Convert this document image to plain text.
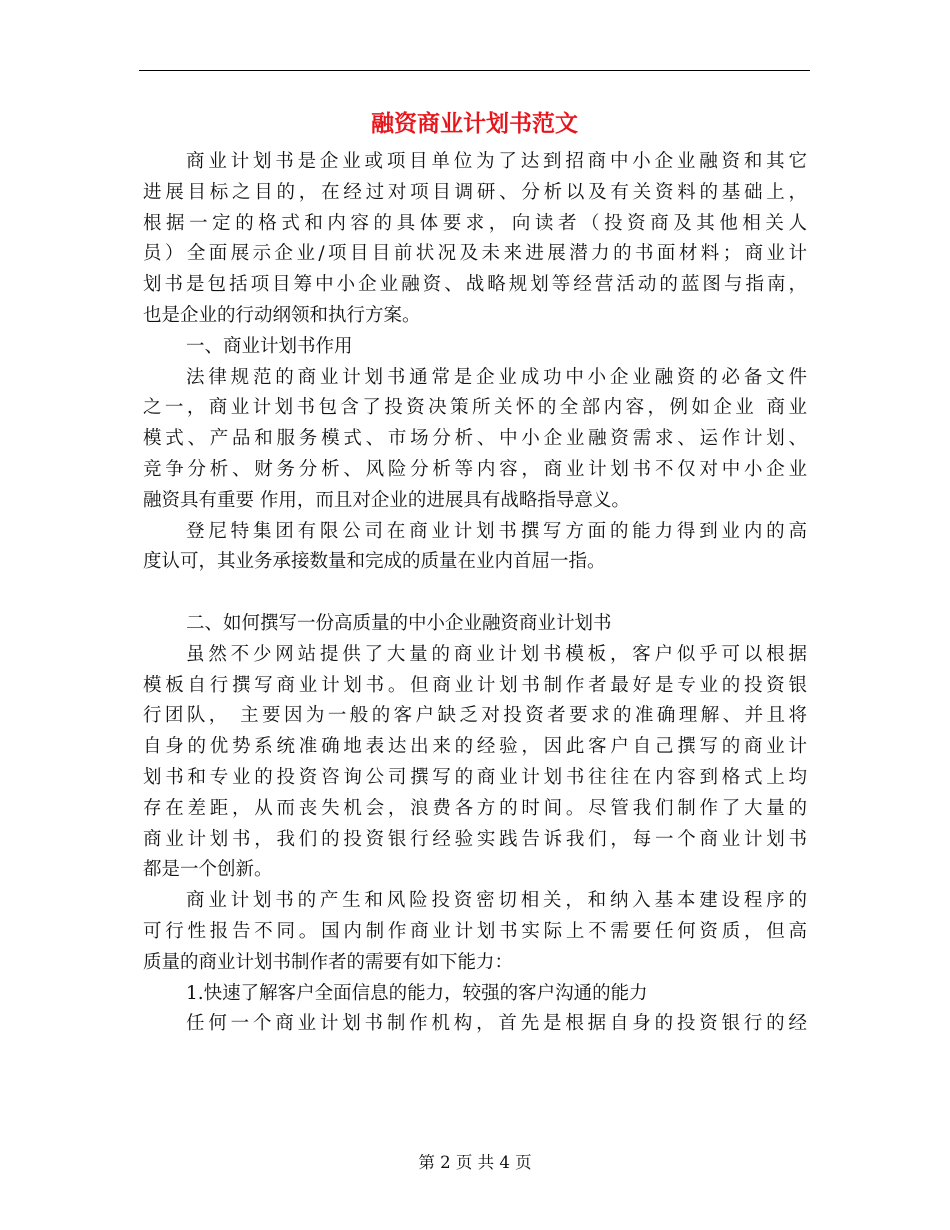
融资商业计划书范文
商业计划书是企业或项目单位为了达到招商中小企业融资和其它
进展目标之目的，在经过对项目调研、分析以及有关资料的基础上，
根据一定的格式和内容的具体要求，向读者（投资商及其他相关人
员）全面展示企业/项目目前状况及未来进展潜力的书面材料；商业计
划书是包括项目筹中小企业融资、战略规划等经营活动的蓝图与指南，
也是企业的行动纲领和执行方案。
一、商业计划书作用
法律规范的商业计划书通常是企业成功中小企业融资的必备文件
之一，商业计划书包含了投资决策所关怀的全部内容，例如企业 商业
模式、产品和服务模式、市场分析、中小企业融资需求、运作计划、
竞争分析、财务分析、风险分析等内容，商业计划书不仅对中小企业
融资具有重要 作用，而且对企业的进展具有战略指导意义。
登尼特集团有限公司在商业计划书撰写方面的能力得到业内的高
度认可，其业务承接数量和完成的质量在业内首屈一指。
二、如何撰写一份高质量的中小企业融资商业计划书
虽然不少网站提供了大量的商业计划书模板，客户似乎可以根据
模板自行撰写商业计划书。但商业计划书制作者最好是专业的投资银
行团队， 主要因为一般的客户缺乏对投资者要求的准确理解、并且将
自身的优势系统准确地表达出来的经验，因此客户自己撰写的商业计
划书和专业的投资咨询公司撰写的商业计划书往往在内容到格式上均
存在差距，从而丧失机会，浪费各方的时间。尽管我们制作了大量的
商业计划书，我们的投资银行经验实践告诉我们，每一个商业计划书
都是一个创新。
商业计划书的产生和风险投资密切相关，和纳入基本建设程序的
可行性报告不同。国内制作商业计划书实际上不需要任何资质，但高
质量的商业计划书制作者的需要有如下能力：
1.快速了解客户全面信息的能力，较强的客户沟通的能力
任何一个商业计划书制作机构，首先是根据自身的投资银行的经
第 2 页 共 4 页
